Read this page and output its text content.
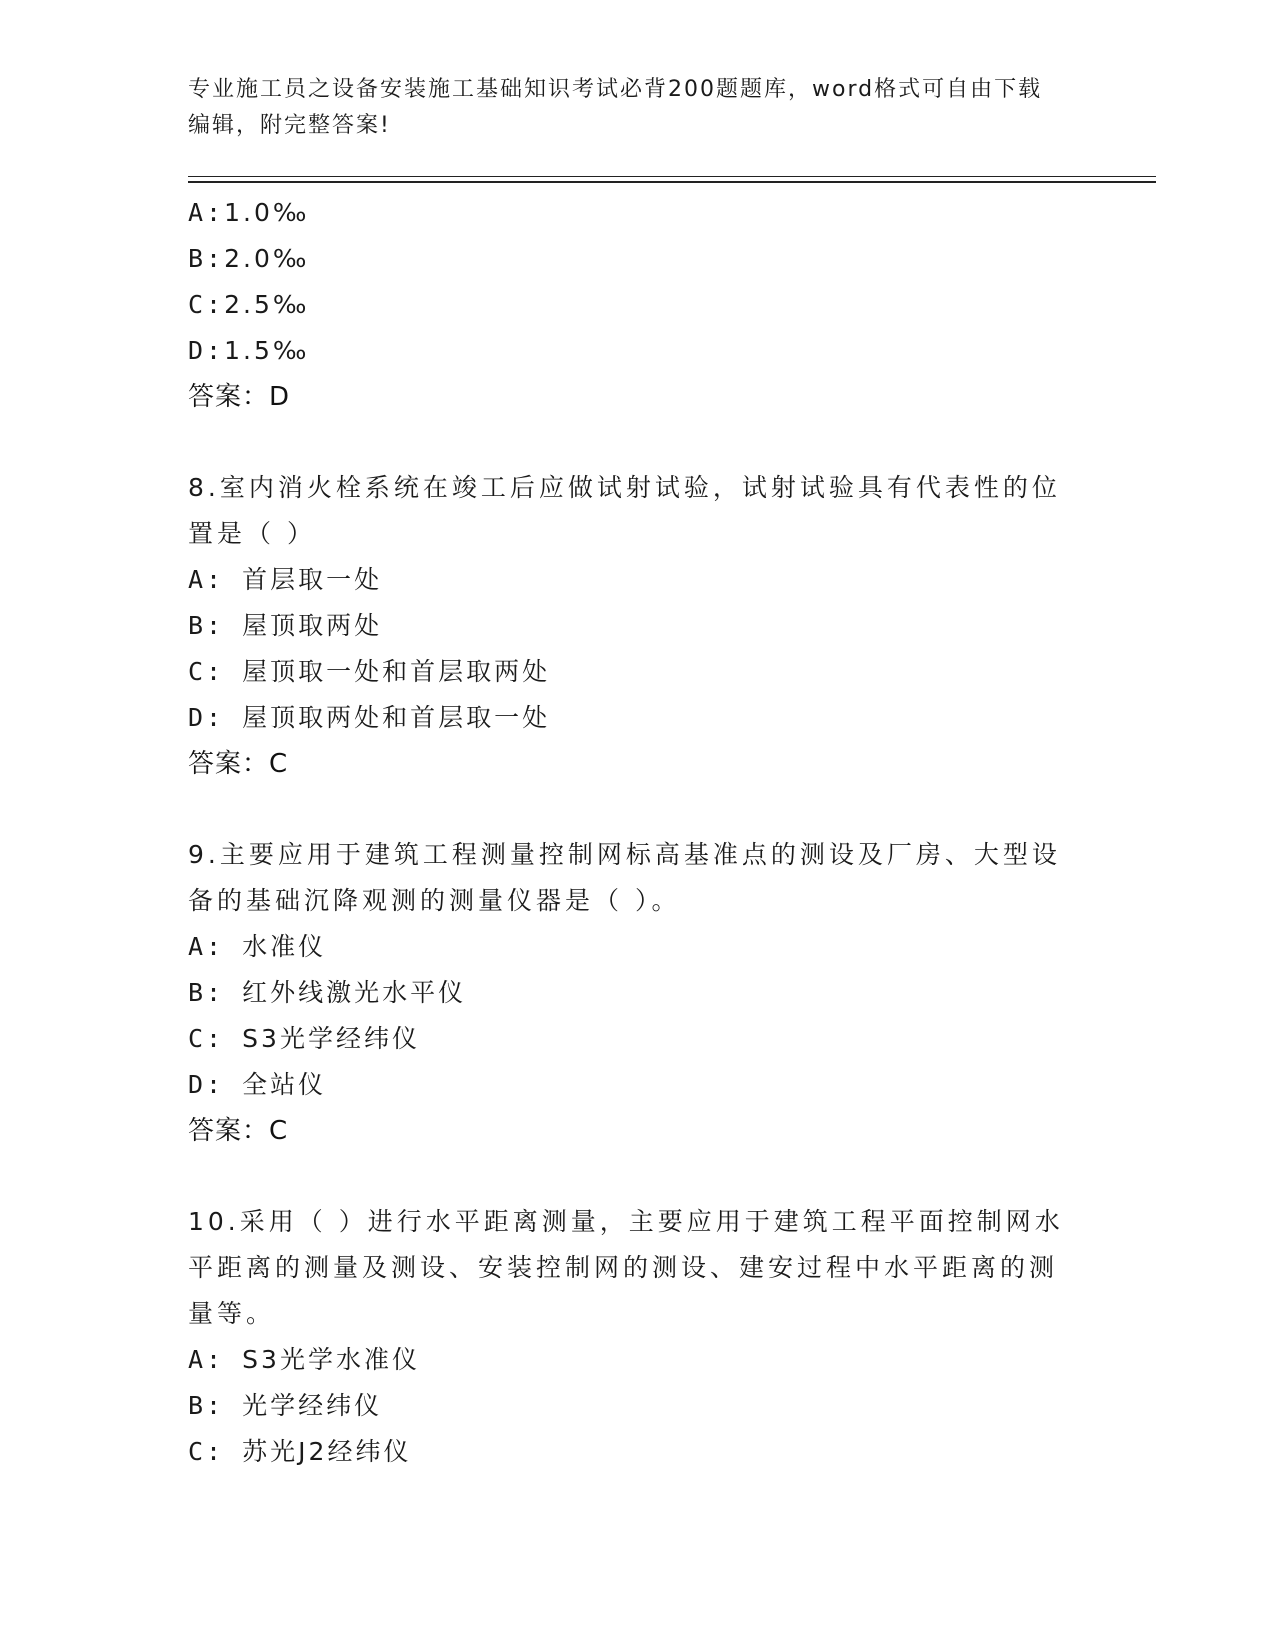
专业施工员之设备安装施工基础知识考试必背200题题库，word格式可自由下载
编辑，附完整答案!
A:1.0‰
B:2.0‰
C:2.5‰
D:1.5‰
答案：D
8.室内消火栓系统在竣工后应做试射试验，试射试验具有代表性的位
置是（ ）
A: 首层取一处
B: 屋顶取两处
C: 屋顶取一处和首层取两处
D: 屋顶取两处和首层取一处
答案：C
9.主要应用于建筑工程测量控制网标高基准点的测设及厂房、大型设
备的基础沉降观测的测量仪器是（ ）。
A: 水准仪
B: 红外线激光水平仪
C: S3光学经纬仪
D: 全站仪
答案：C
10.采用（ ）进行水平距离测量，主要应用于建筑工程平面控制网水
平距离的测量及测设、安装控制网的测设、建安过程中水平距离的测
量等。
A: S3光学水准仪
B: 光学经纬仪
C: 苏光J2经纬仪
